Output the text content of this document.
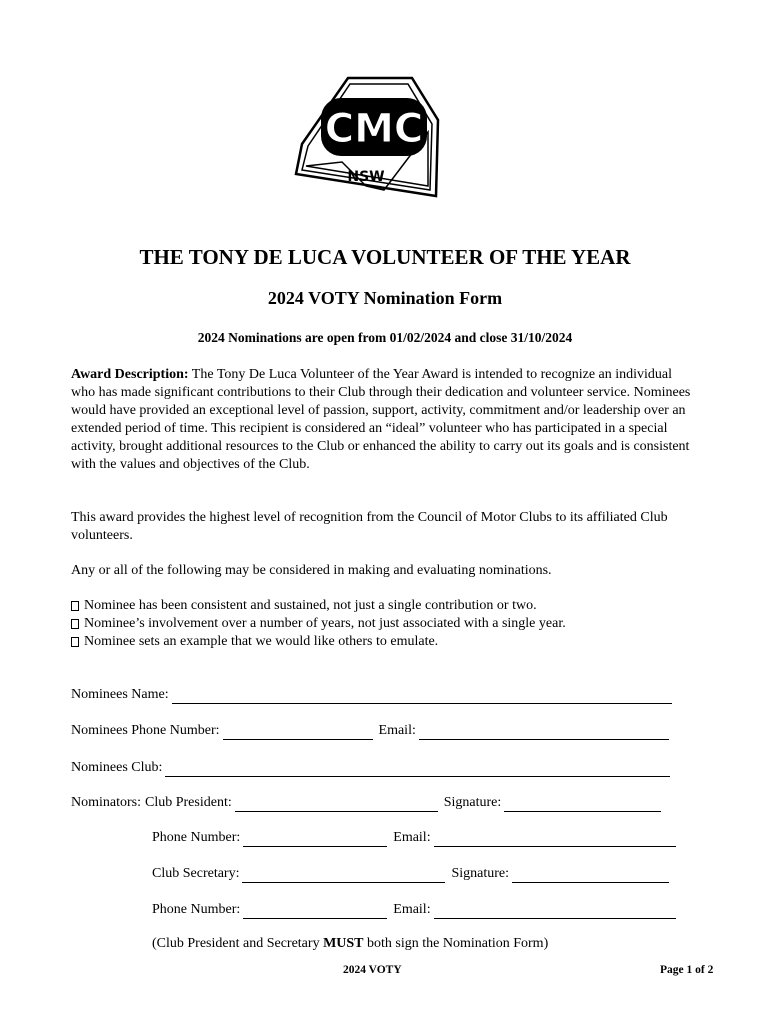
CMC
NSW
THE TONY DE LUCA VOLUNTEER OF THE YEAR
2024 VOTY Nomination Form

2024 Nominations are open from 01/02/2024 and close 31/10/2024

Award Description: The Tony De Luca Volunteer of the Year Award is intended to recognize an individual who has made significant contributions to their Club through their dedication and volunteer service. Nominees would have provided an exceptional level of passion, support, activity, commitment and/or leadership over an extended period of time. This recipient is considered an “ideal” volunteer who has participated in a special activity, brought additional resources to the Club or enhanced the ability to carry out its goals and is consistent with the values and objectives of the Club.

This award provides the highest level of recognition from the Council of Motor Clubs to its affiliated Club volunteers.

Any or all of the following may be considered in making and evaluating nominations.

Nominee has been consistent and sustained, not just a single contribution or two.
Nominee’s involvement over a number of years, not just associated with a single year.
Nominee sets an example that we would like others to emulate.
Nominees Name:
Nominees Phone Number:	Email:
Nominees Club:
Nominators: Club President:	Signature:
Phone Number:	Email:
Club Secretary:	Signature:
Phone Number:	Email:
(Club President and Secretary MUST both sign the Nomination Form)
2024 VOTY	Page 1 of 2
